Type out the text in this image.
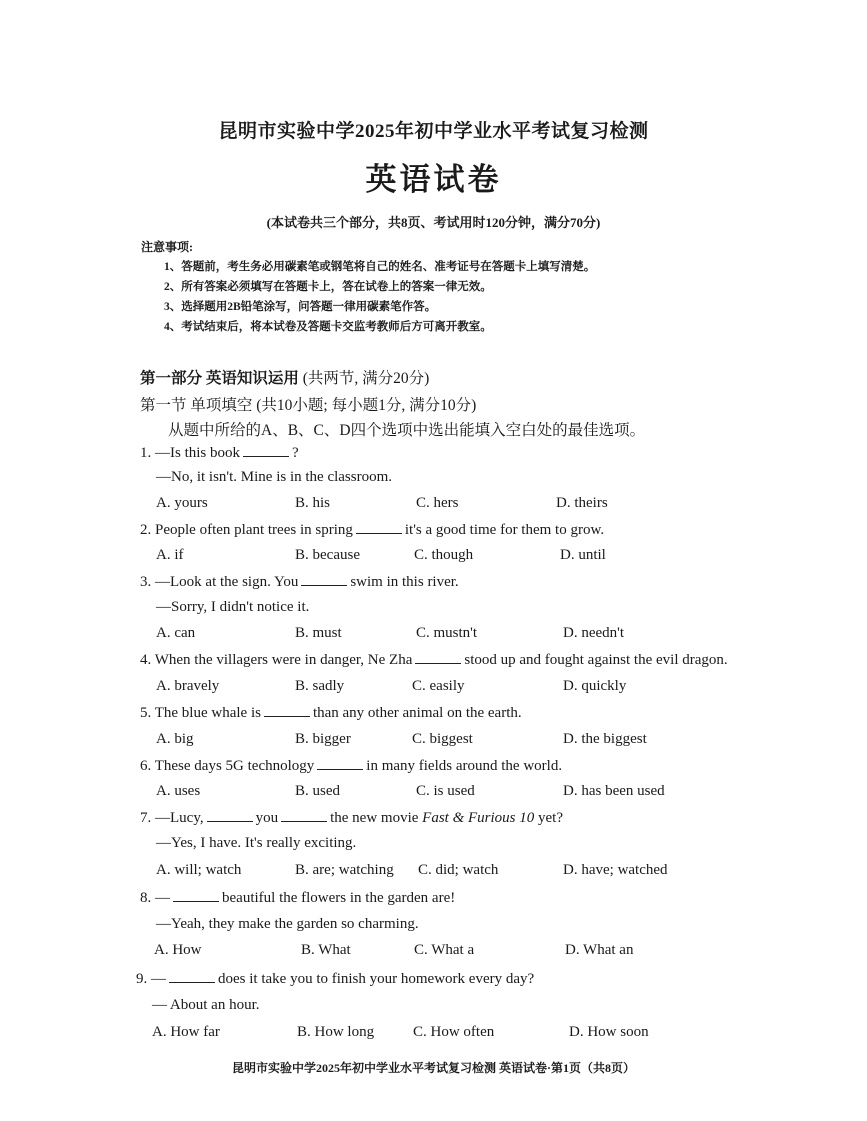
昆明市实验中学2025年初中学业水平考试复习检测
英语试卷
(本试卷共三个部分，共8页、考试用时120分钟，满分70分)
注意事项:
1、答题前，考生务必用碳素笔或钢笔将自己的姓名、准考证号在答题卡上填写清楚。
2、所有答案必须填写在答题卡上，答在试卷上的答案一律无效。
3、选择题用2B铅笔涂写，问答题一律用碳素笔作答。
4、考试结束后，将本试卷及答题卡交监考教师后方可离开教室。
第一部分 英语知识运用 (共两节, 满分20分)
第一节 单项填空 (共10小题; 每小题1分, 满分10分)
从题中所给的A、B、C、D四个选项中选出能填入空白处的最佳选项。
1. —Is this book	?
—No, it isn't. Mine is in the classroom.
A. yours	B. his	C. hers	D. theirs
2. People often plant trees in spring	it's a good time for them to grow.
A. if	B. because	C. though	D. until
3. —Look at the sign. You	swim in this river.
—Sorry, I didn't notice it.
A. can	B. must	C. mustn't	D. needn't
4. When the villagers were in danger, Ne Zha	stood up and fought against the evil dragon.
A. bravely	B. sadly	C. easily	D. quickly
5. The blue whale is	than any other animal on the earth.
A. big	B. bigger	C. biggest	D. the biggest
6. These days 5G technology	in many fields around the world.
A. uses	B. used	C. is used	D. has been used
7. —Lucy,	you	the new movie Fast & Furious 10 yet?
—Yes, I have. It's really exciting.
A. will; watch	B. are; watching C. did; watch	D. have; watched
8. —	beautiful the flowers in the garden are!
—Yeah, they make the garden so charming.
A. How	B. What	C. What a	D. What an
9. —	does it take you to finish your homework every day?
— About an hour.
A. How far	B. How long	C. How often	D. How soon
昆明市实验中学2025年初中学业水平考试复习检测 英语试卷·第1页（共8页）
